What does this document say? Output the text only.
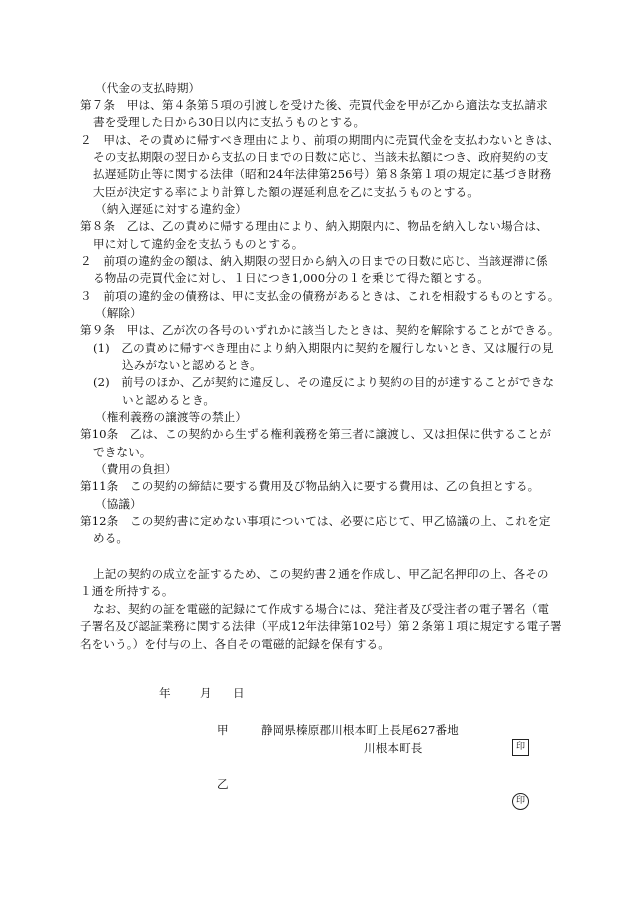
（代金の支払時期）
第７条　甲は、第４条第５項の引渡しを受けた後、売買代金を甲が乙から適法な支払請求
書を受理した日から30日以内に支払うものとする。
２　甲は、その責めに帰すべき理由により、前項の期間内に売買代金を支払わないときは、
その支払期限の翌日から支払の日までの日数に応じ、当該未払額につき、政府契約の支
払遅延防止等に関する法律（昭和24年法律第256号）第８条第１項の規定に基づき財務
大臣が決定する率により計算した額の遅延利息を乙に支払うものとする。
（納入遅延に対する違約金）
第８条　乙は、乙の責めに帰する理由により、納入期限内に、物品を納入しない場合は、
甲に対して違約金を支払うものとする。
２　前項の違約金の額は、納入期限の翌日から納入の日までの日数に応じ、当該遅滞に係
る物品の売買代金に対し、１日につき1,000分の１を乗じて得た額とする。
３　前項の違約金の債務は、甲に支払金の債務があるときは、これを相殺するものとする。
（解除）
第９条　甲は、乙が次の各号のいずれかに該当したときは、契約を解除することができる。
(1)　乙の責めに帰すべき理由により納入期限内に契約を履行しないとき、又は履行の見
込みがないと認めるとき。
(2)　前号のほか、乙が契約に違反し、その違反により契約の目的が達することができな
いと認めるとき。
（権利義務の譲渡等の禁止）
第10条　乙は、この契約から生ずる権利義務を第三者に譲渡し、又は担保に供することが
できない。
（費用の負担）
第11条　この契約の締結に要する費用及び物品納入に要する費用は、乙の負担とする。
（協議）
第12条　この契約書に定めない事項については、必要に応じて、甲乙協議の上、これを定
める。
上記の契約の成立を証するため、この契約書２通を作成し、甲乙記名押印の上、各その
１通を所持する。
なお、契約の証を電磁的記録にて作成する場合には、発注者及び受注者の電子署名（電
子署名及び認証業務に関する法律（平成12年法律第102号）第２条第１項に規定する電子署
名をいう。）を付与の上、各自その電磁的記録を保有する。
年	月 日
甲	静岡県榛原郡川根本町上長尾627番地
川根本町長	印
乙
印
